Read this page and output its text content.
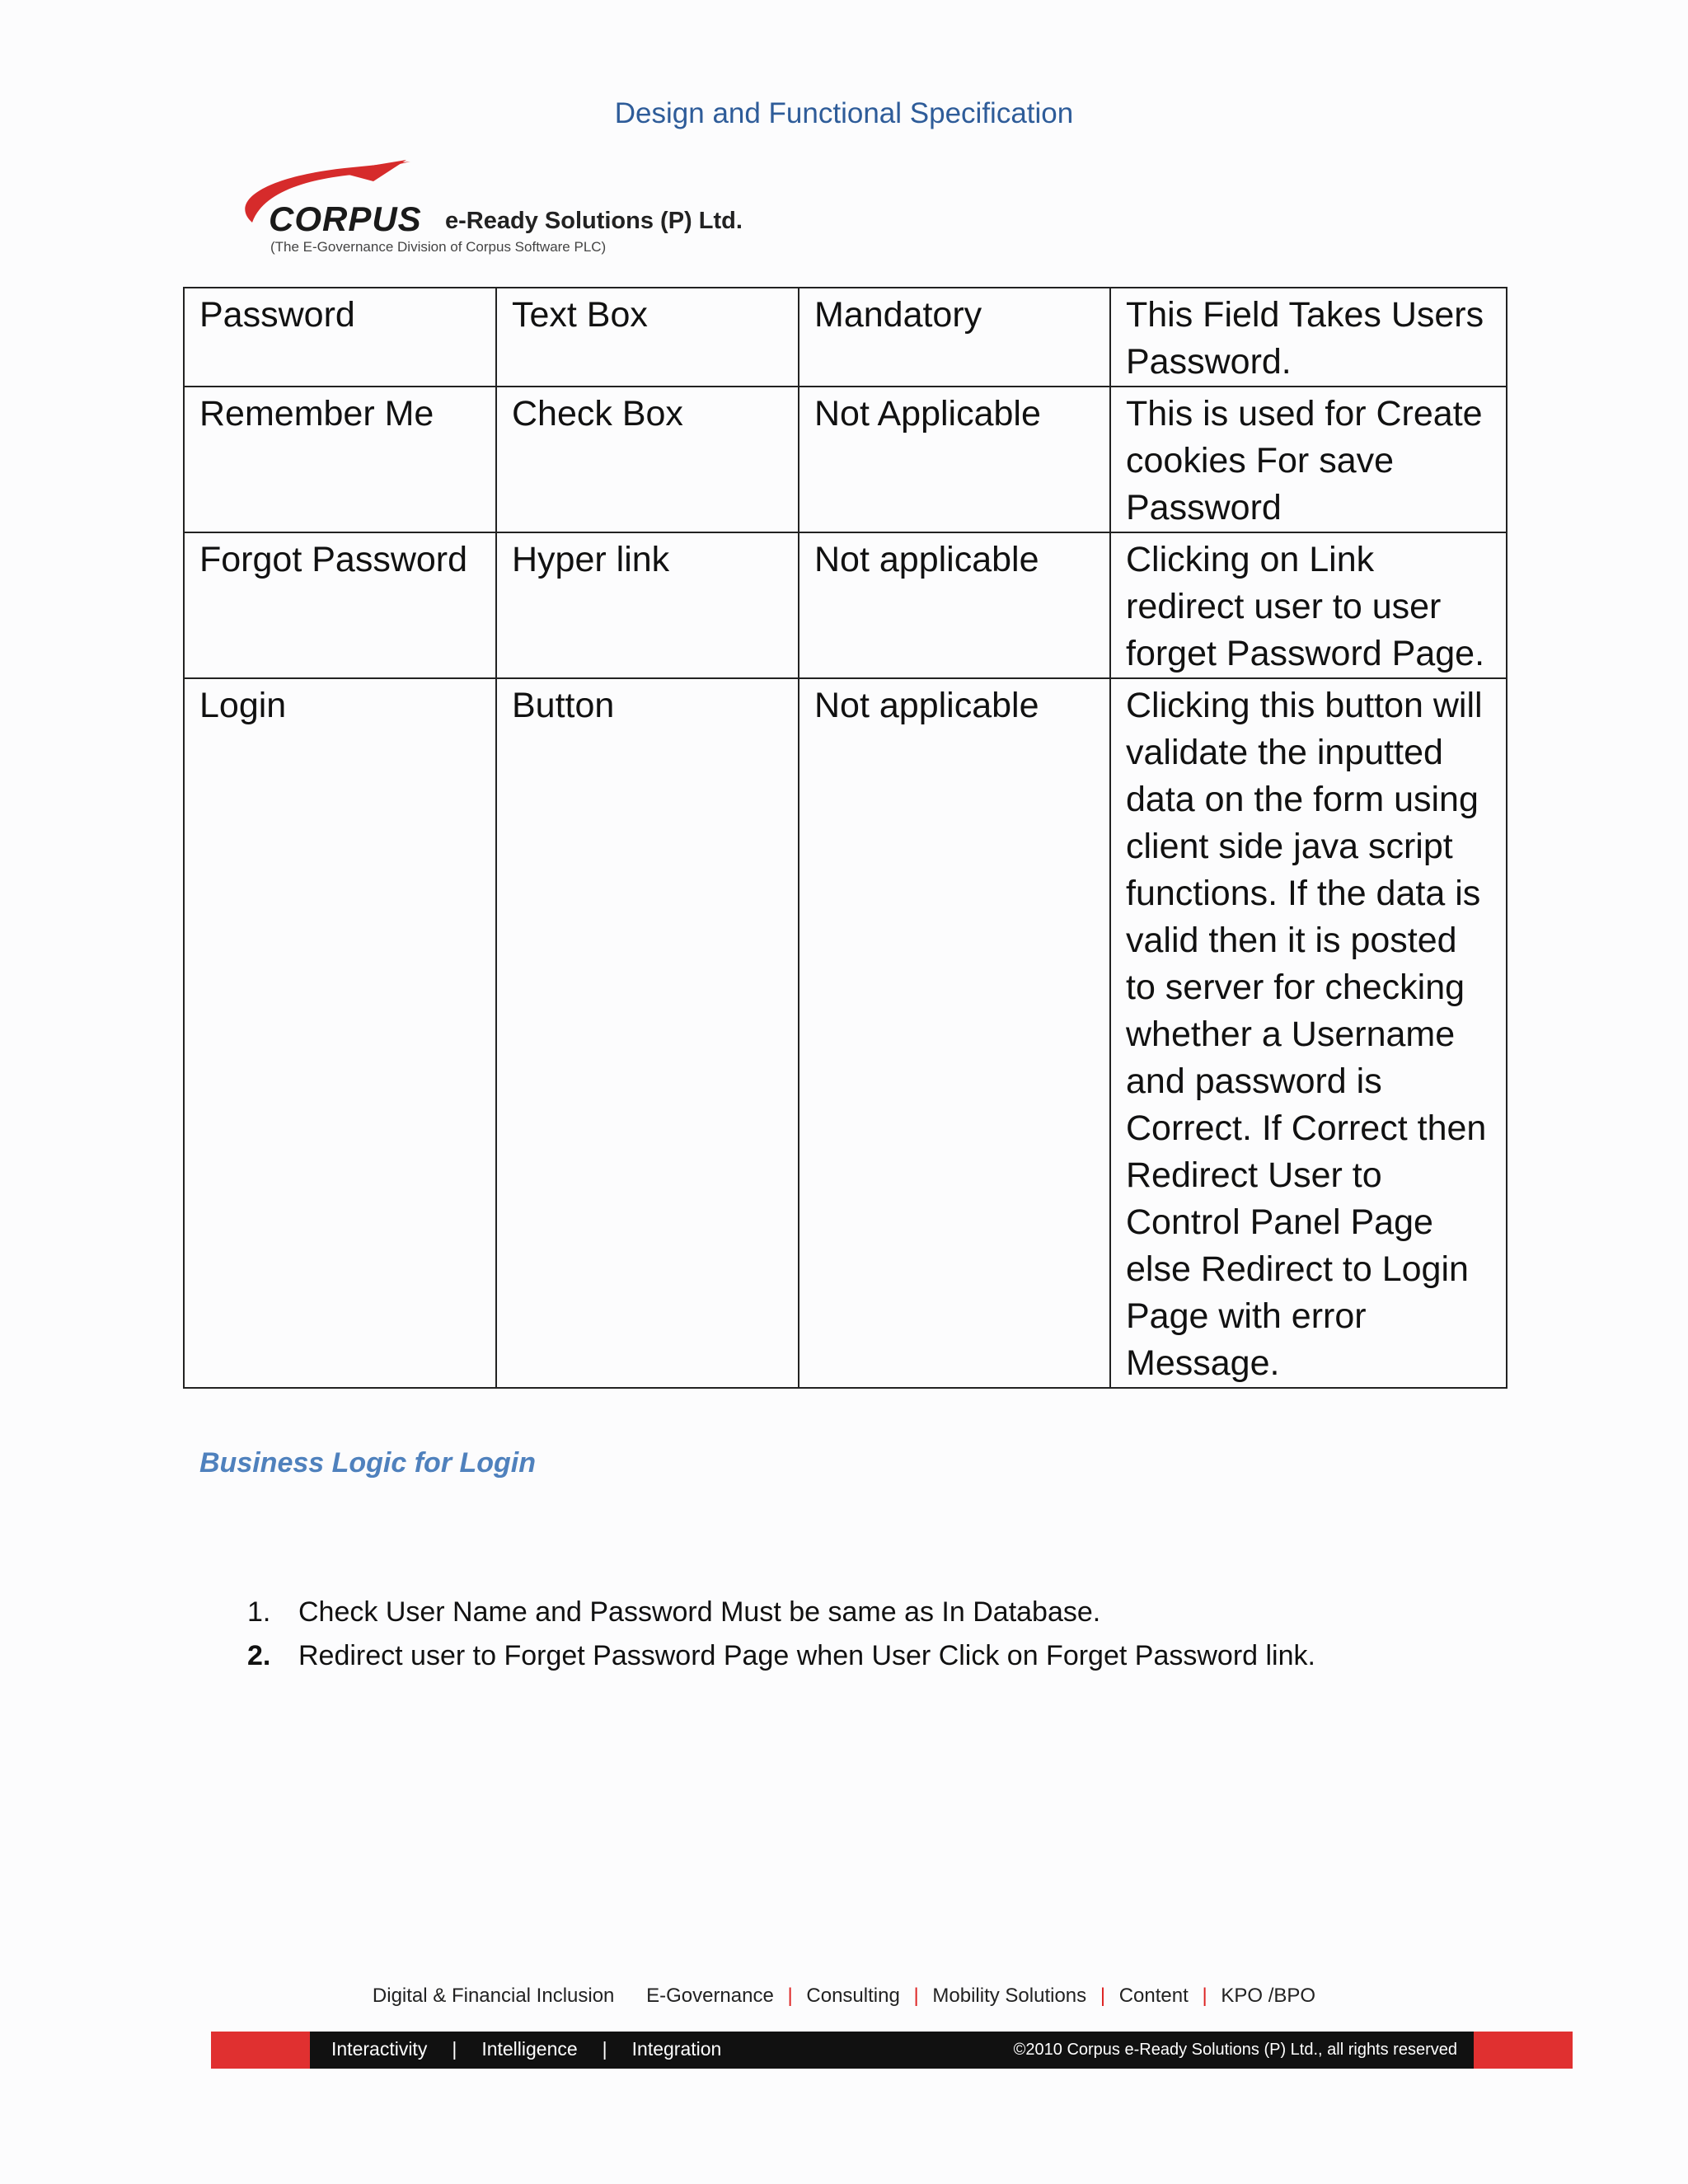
Design and Functional Specification
CORPUS e-Ready Solutions (P) Ltd.
(The E-Governance Division of Corpus Software PLC)
Password	Text Box	Mandatory	This Field Takes Users Password.
Remember Me	Check Box	Not Applicable	This is used for Create cookies For save Password
Forgot Password	Hyper link	Not applicable	Clicking on Link redirect user to user forget Password Page.
Login	Button	Not applicable	Clicking this button will validate the inputted data on the form using client side java script functions. If the data is valid then it is posted to server for checking whether a Username and password is Correct. If Correct then Redirect User to Control Panel Page else Redirect to Login Page with error Message.
Business Logic for Login
1. Check User Name and Password Must be same as In Database.
2. Redirect user to Forget Password Page when User Click on Forget Password link.
Digital & Financial Inclusion E-Governance | Consulting | Mobility Solutions | Content | KPO /BPO
Interactivity | Intelligence | Integration	©2010 Corpus e-Ready Solutions (P) Ltd., all rights reserved
